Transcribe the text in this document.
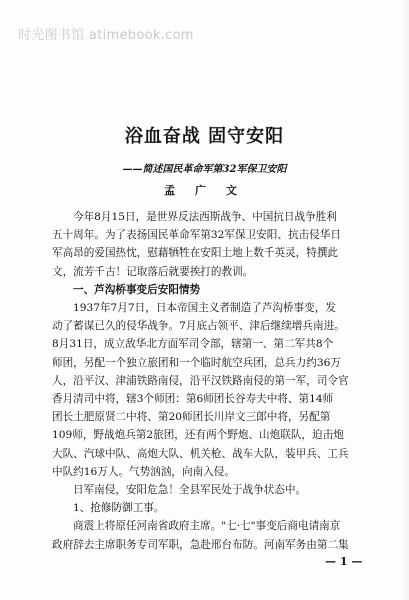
时光图书馆 atimebook.com
浴血奋战 固守安阳
——简述国民革命军第32军保卫安阳
孟 广 文
今年8月15日，是世界反法西斯战争、中国抗日战争胜利
五十周年。为了表扬国民革命军第32军保卫安阳、抗击侵华日
军高昂的爱国热忱，慰藉牺牲在安阳土地上数千英灵，特撰此
文，流芳千古！记取落后就要挨打的教训。
一、芦沟桥事变后安阳情势
1937年7月7日，日本帝国主义者制造了芦沟桥事变，发
动了蓄谋已久的侵华战争。7月底占领平、津后继续增兵南进。
8月31日，成立敌华北方面军司令部，辖第一、第二军共8个
师团，另配一个独立旅团和一个临时航空兵团，总兵力约36万
人，沿平汉、津浦铁路南侵，沿平汉铁路南侵的第一军，司令官
香月清司中将，辖3个师团：第6师团长谷寿夫中将、第14师
团长土肥原贤二中将、第20师团长川岸文三郎中将，另配第
109师，野战炮兵第2旅团，还有两个野炮、山炮联队，迫击炮
大队、汽球中队、高炮大队、机关枪、战车大队，装甲兵、工兵
中队约16万人。气势汹汹，向南入侵。
日军南侵，安阳危急！全县军民处于战争状态中。
1、抢修防御工事。
商震上将原任河南省政府主席。"七·七"事变后商电请南京
政府辞去主席职务专司军职，急赴邢台布防。河南军务由第二集
— 1 —
